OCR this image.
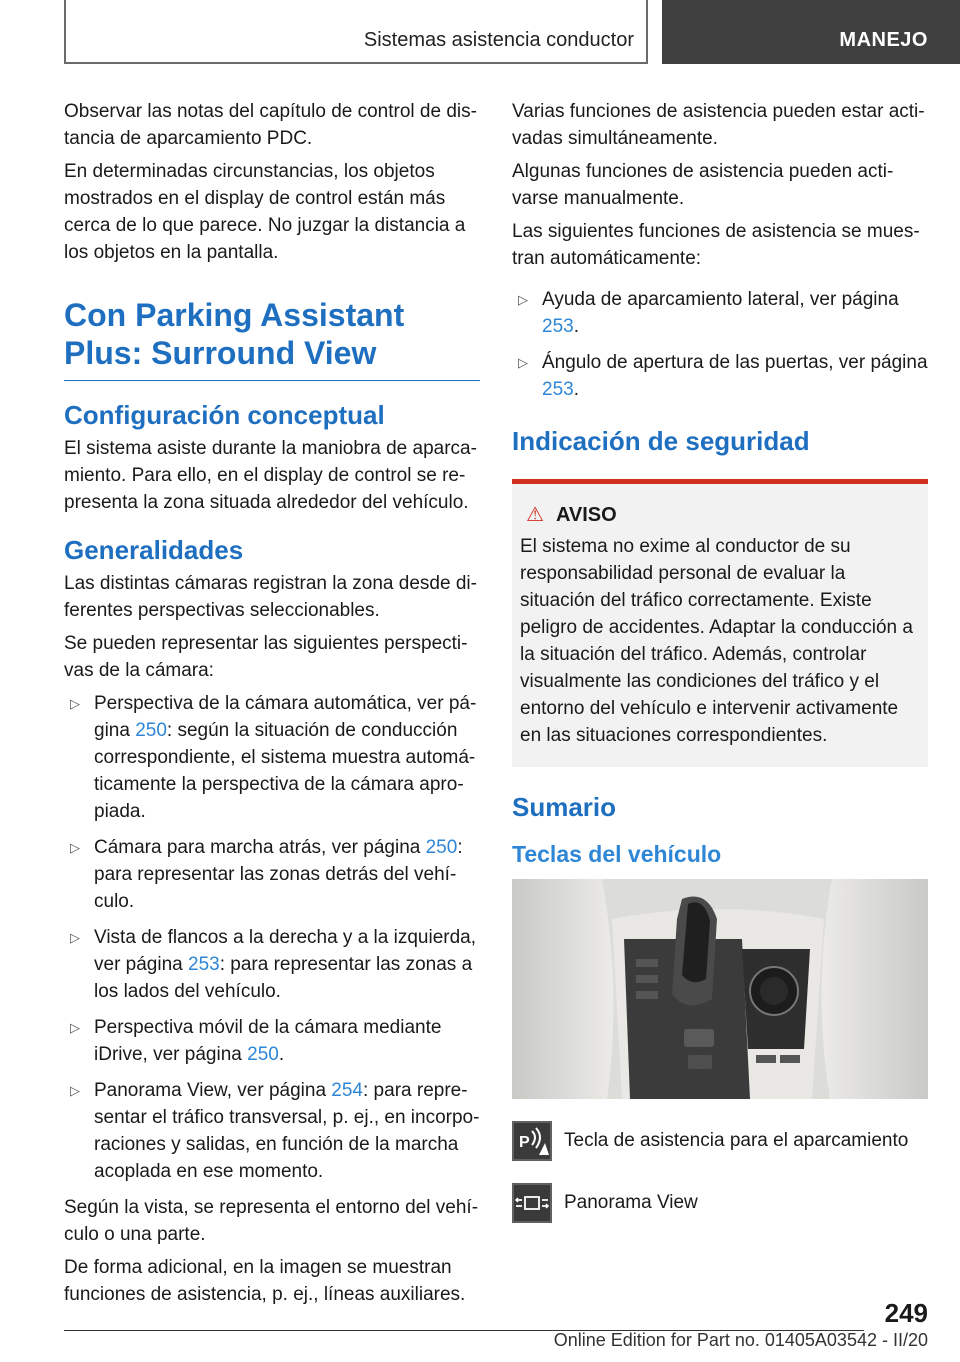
Sistemas asistencia conductor	MANEJO

Observar las notas del capítulo de control de distancia de aparcamiento PDC.

En determinadas circunstancias, los objetos mostrados en el display de control están más cerca de lo que parece. No juzgar la distancia a los objetos en la pantalla.

Con Parking Assistant Plus: Surround View
Configuración conceptual

El sistema asiste durante la maniobra de aparcamiento. Para ello, en el display de control se representa la zona situada alrededor del vehículo.

Generalidades

Las distintas cámaras registran la zona desde diferentes perspectivas seleccionables.

Se pueden representar las siguientes perspectivas de la cámara:

▷ Perspectiva de la cámara automática, ver página 250: según la situación de conducción correspondiente, el sistema muestra automáticamente la perspectiva de la cámara apropiada.
▷ Cámara para marcha atrás, ver página 250: para representar las zonas detrás del vehículo.
▷ Vista de flancos a la derecha y a la izquierda, ver página 253: para representar las zonas a los lados del vehículo.
▷ Perspectiva móvil de la cámara mediante iDrive, ver página 250.
▷ Panorama View, ver página 254: para representar el tráfico transversal, p. ej., en incorporaciones y salidas, en función de la marcha acoplada en ese momento.

Según la vista, se representa el entorno del vehículo o una parte.

De forma adicional, en la imagen se muestran funciones de asistencia, p. ej., líneas auxiliares.

Varias funciones de asistencia pueden estar activadas simultáneamente.

Algunas funciones de asistencia pueden activarse manualmente.

Las siguientes funciones de asistencia se muestran automáticamente:

▷ Ayuda de aparcamiento lateral, ver página 253.
▷ Ángulo de apertura de las puertas, ver página 253.
Indicación de seguridad
⚠ AVISO

El sistema no exime al conductor de su responsabilidad personal de evaluar la situación del tráfico correctamente. Existe peligro de accidentes. Adaptar la conducción a la situación del tráfico. Además, controlar visualmente las condiciones del tráfico y el entorno del vehículo e intervenir activamente en las situaciones correspondientes.

Sumario
Teclas del vehículo
P Tecla de asistencia para el aparcamiento
Panorama View
249
Online Edition for Part no. 01405A03542 - II/20
